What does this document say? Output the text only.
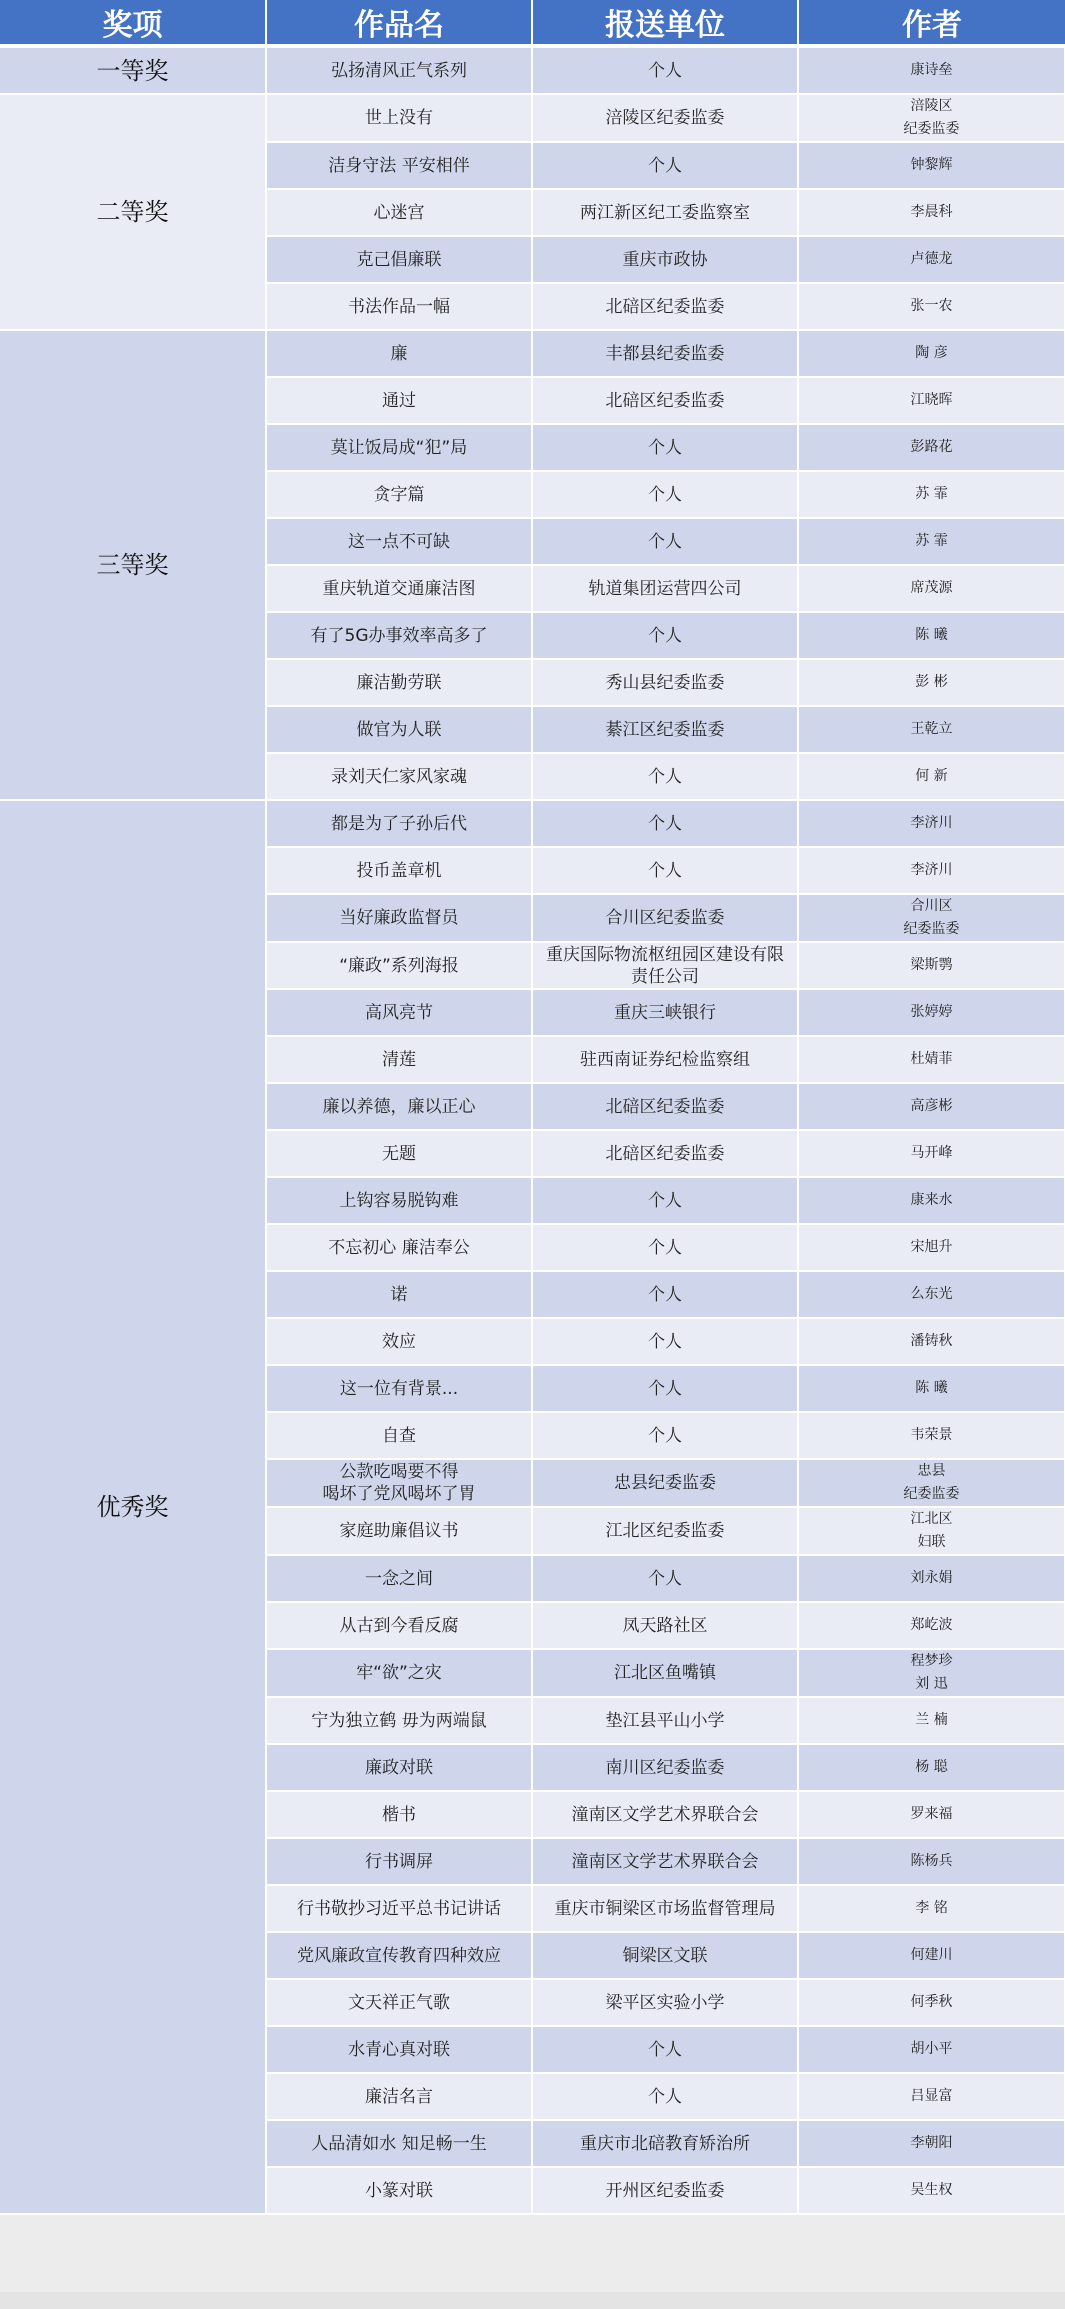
奖项	作品名	报送单位	作者
一等奖	弘扬清风正气系列	个人	康诗垒
二等奖	世上没有	涪陵区纪委监委	涪陵区
纪委监委
	洁身守法 平安相伴	个人	钟黎辉
	心迷宫	两江新区纪工委监察室	李晨科
	克己倡廉联	重庆市政协	卢德龙
	书法作品一幅	北碚区纪委监委	张一农
三等奖	廉	丰都县纪委监委	陶 彦
	通过	北碚区纪委监委	江晓晖
	莫让饭局成“犯”局	个人	彭路花
	贪字篇	个人	苏 霏
	这一点不可缺	个人	苏 霏
	重庆轨道交通廉洁图	轨道集团运营四公司	席茂源
	有了5G办事效率高多了	个人	陈 曦
	廉洁勤劳联	秀山县纪委监委	彭 彬
	做官为人联	綦江区纪委监委	王乾立
	录刘天仁家风家魂	个人	何 新
优秀奖	都是为了子孙后代	个人	李济川
	投币盖章机	个人	李济川
	当好廉政监督员	合川区纪委监委	合川区
纪委监委
	“廉政”系列海报	重庆国际物流枢纽园区建设有限责任公司	梁斯鹗
	高风亮节	重庆三峡银行	张婷婷
	清莲	驻西南证券纪检监察组	杜婧菲
	廉以养德，廉以正心	北碚区纪委监委	高彦彬
	无题	北碚区纪委监委	马开峰
	上钩容易脱钩难	个人	康来水
	不忘初心 廉洁奉公	个人	宋旭升
	诺	个人	么东光
	效应	个人	潘铸秋
	这一位有背景...	个人	陈 曦
	自查	个人	韦荣景
	公款吃喝要不得
喝坏了党风喝坏了胃	忠县纪委监委	忠县
纪委监委
	家庭助廉倡议书	江北区纪委监委	江北区
妇联
	一念之间	个人	刘永娟
	从古到今看反腐	凤天路社区	郑屹波
	牢“欲”之灾	江北区鱼嘴镇	程梦珍
刘 迅
	宁为独立鹤 毋为两端鼠	垫江县平山小学	兰 楠
	廉政对联	南川区纪委监委	杨 聪
	楷书	潼南区文学艺术界联合会	罗来福
	行书调屏	潼南区文学艺术界联合会	陈杨兵
	行书敬抄习近平总书记讲话	重庆市铜梁区市场监督管理局	李 铭
	党风廉政宣传教育四种效应	铜梁区文联	何建川
	文天祥正气歌	梁平区实验小学	何季秋
	水青心真对联	个人	胡小平
	廉洁名言	个人	吕显富
	人品清如水 知足畅一生	重庆市北碚教育矫治所	李朝阳
	小篆对联	开州区纪委监委	吴生权
